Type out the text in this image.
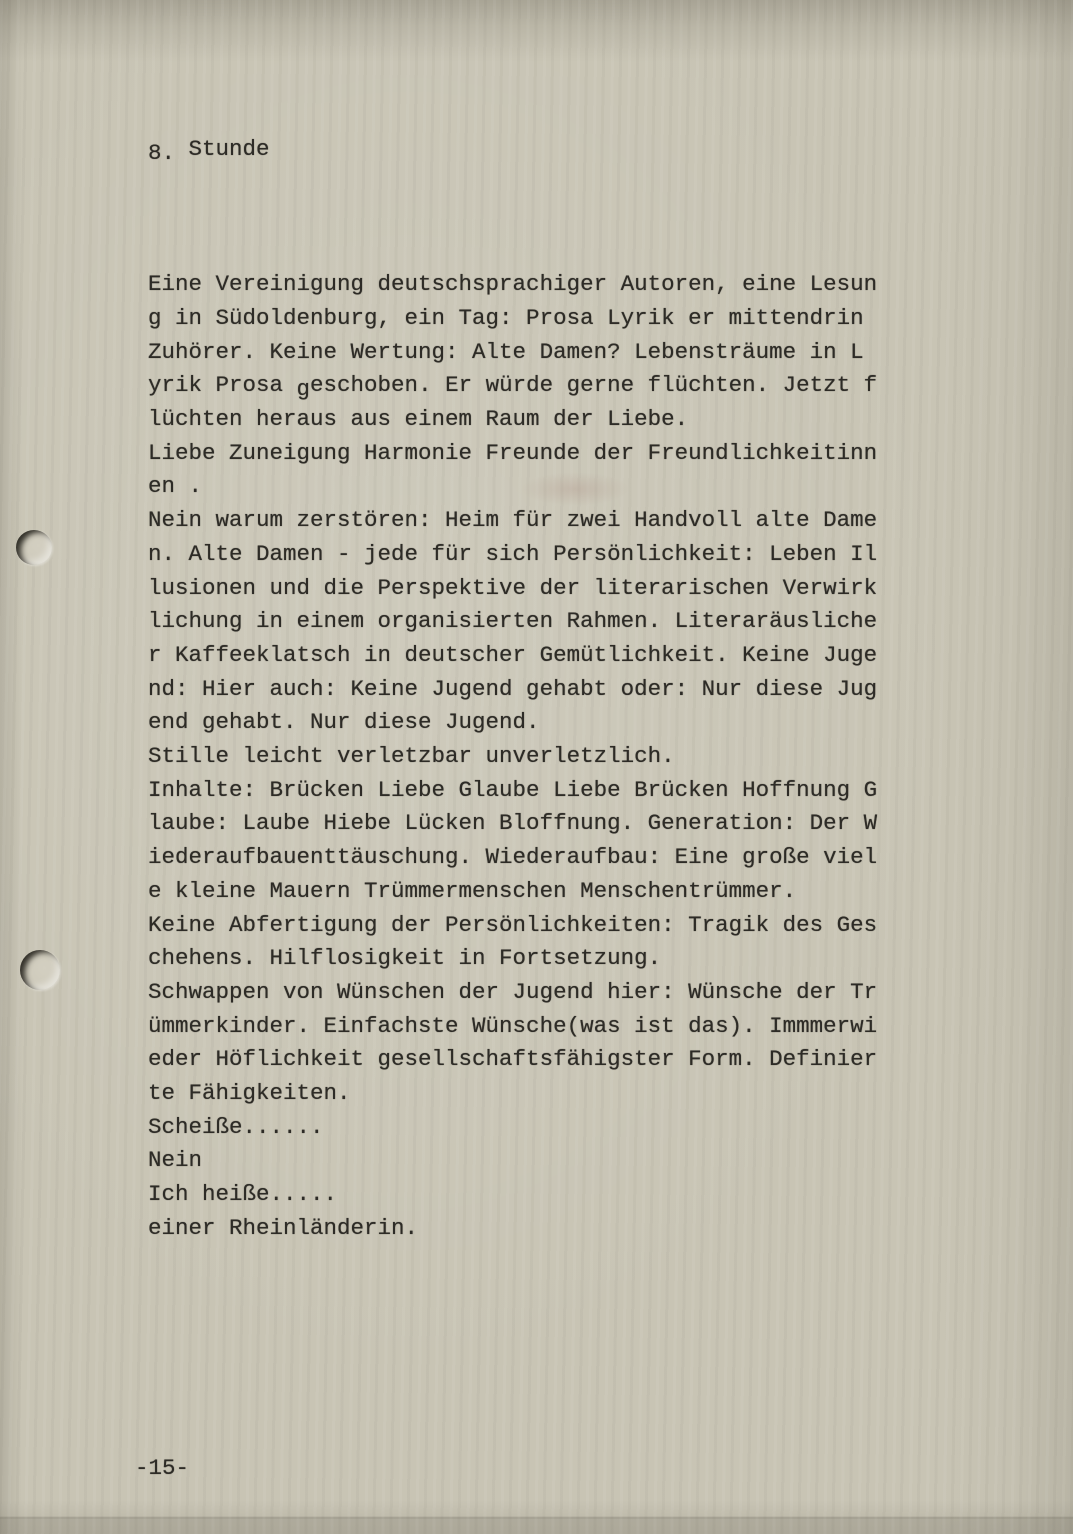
8. Stunde

Eine Vereinigung deutschsprachiger Autoren, eine Lesun
g in Südoldenburg, ein Tag: Prosa Lyrik er mittendrin
Zuhörer. Keine Wertung: Alte Damen? Lebensträume in L
yrik Prosa geschoben. Er würde gerne flüchten. Jetzt f
lüchten heraus aus einem Raum der Liebe.
Liebe Zuneigung Harmonie Freunde der Freundlichkeitinn
en .
Nein warum zerstören: Heim für zwei Handvoll alte Dame
n. Alte Damen - jede für sich Persönlichkeit: Leben Il
lusionen und die Perspektive der literarischen Verwirk
lichung in einem organisierten Rahmen. Literaräusliche
r Kaffeeklatsch in deutscher Gemütlichkeit. Keine Juge
nd: Hier auch: Keine Jugend gehabt oder: Nur diese Jug
end gehabt. Nur diese Jugend.
Stille leicht verletzbar unverletzlich.
Inhalte: Brücken Liebe Glaube Liebe Brücken Hoffnung G
laube: Laube Hiebe Lücken Bloffnung. Generation: Der W
iederaufbauenttäuschung. Wiederaufbau: Eine große viel
e kleine Mauern Trümmermenschen Menschentrümmer.
Keine Abfertigung der Persönlichkeiten: Tragik des Ges
chehens. Hilflosigkeit in Fortsetzung.
Schwappen von Wünschen der Jugend hier: Wünsche der Tr
ümmerkinder. Einfachste Wünsche(was ist das). Immmerwi
eder Höflichkeit gesellschaftsfähigster Form. Definier
te Fähigkeiten.
Scheiße......
Nein
Ich heiße.....
einer Rheinländerin.

-15-
